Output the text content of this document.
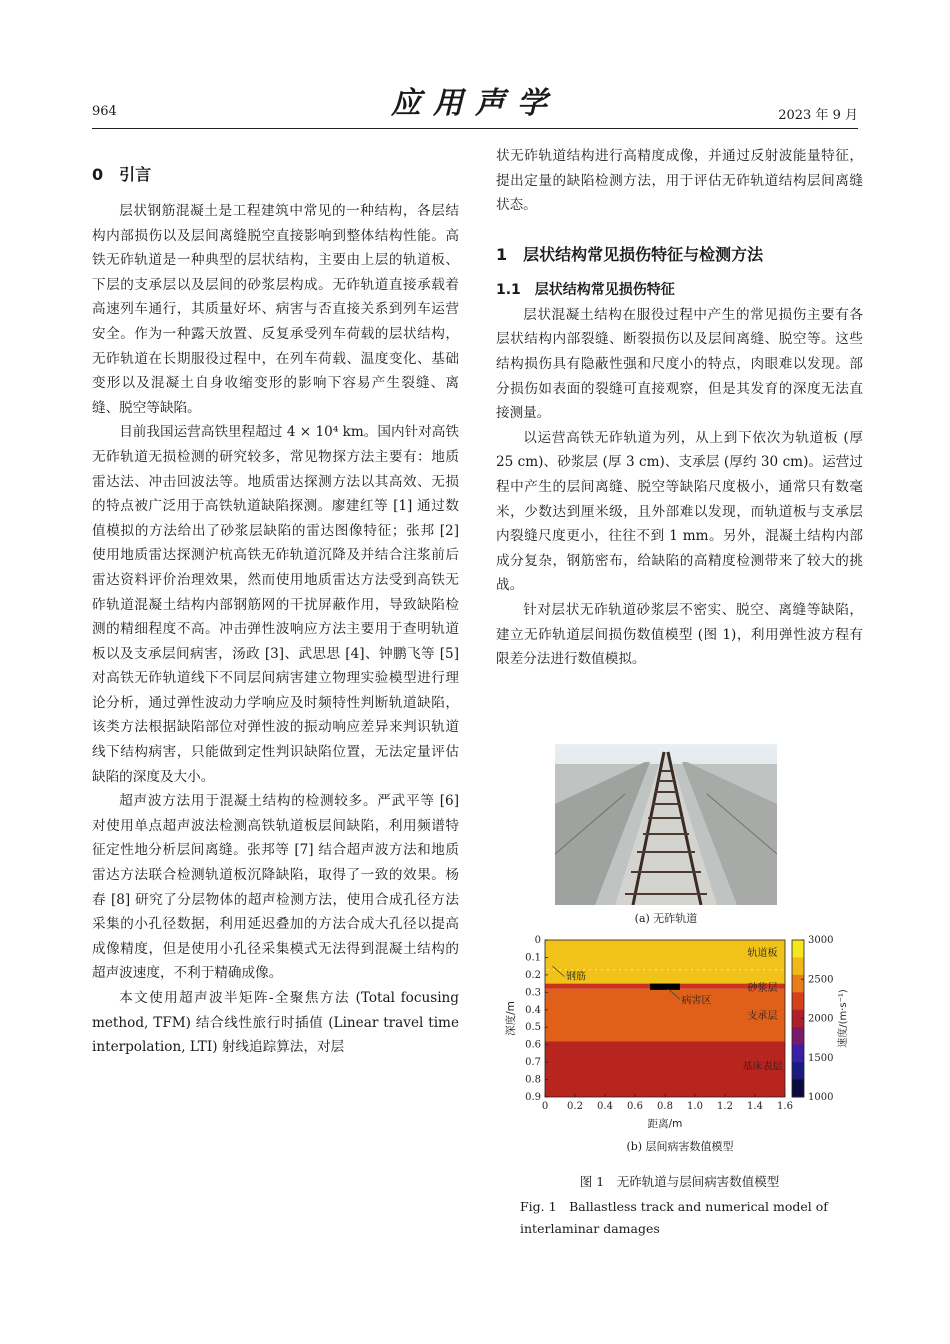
964	应用声学	2023 年 9 月
0　引言

层状钢筋混凝土是工程建筑中常见的一种结构，各层结构内部损伤以及层间离缝脱空直接影响到整体结构性能。高铁无砟轨道是一种典型的层状结构，主要由上层的轨道板、下层的支承层以及层间的砂浆层构成。无砟轨道直接承载着高速列车通行，其质量好坏、病害与否直接关系到列车运营安全。作为一种露天放置、反复承受列车荷载的层状结构，无砟轨道在长期服役过程中，在列车荷载、温度变化、基础变形以及混凝土自身收缩变形的影响下容易产生裂缝、离缝、脱空等缺陷。

目前我国运营高铁里程超过 4 × 10⁴ km。国内针对高铁无砟轨道无损检测的研究较多，常见物探方法主要有：地质雷达法、冲击回波法等。地质雷达探测方法以其高效、无损的特点被广泛用于高铁轨道缺陷探测。廖建红等 [1] 通过数值模拟的方法给出了砂浆层缺陷的雷达图像特征；张邦 [2] 使用地质雷达探测沪杭高铁无砟轨道沉降及并结合注浆前后雷达资料评价治理效果，然而使用地质雷达方法受到高铁无砟轨道混凝土结构内部钢筋网的干扰屏蔽作用，导致缺陷检测的精细程度不高。冲击弹性波响应方法主要用于查明轨道板以及支承层间病害，汤政 [3]、武思思 [4]、钟鹏飞等 [5] 对高铁无砟轨道线下不同层间病害建立物理实验模型进行理论分析，通过弹性波动力学响应及时频特性判断轨道缺陷，该类方法根据缺陷部位对弹性波的振动响应差异来判识轨道线下结构病害，只能做到定性判识缺陷位置，无法定量评估缺陷的深度及大小。

超声波方法用于混凝土结构的检测较多。严武平等 [6] 对使用单点超声波法检测高铁轨道板层间缺陷，利用频谱特征定性地分析层间离缝。张邦等 [7] 结合超声波方法和地质雷达方法联合检测轨道板沉降缺陷，取得了一致的效果。杨春 [8] 研究了分层物体的超声检测方法，使用合成孔径方法采集的小孔径数据，利用延迟叠加的方法合成大孔径以提高成像精度，但是使用小孔径采集模式无法得到混凝土结构的超声波速度，不利于精确成像。

本文使用超声波半矩阵-全聚焦方法 (Total focusing method, TFM) 结合线性旅行时插值 (Linear travel time interpolation, LTI) 射线追踪算法，对层

状无砟轨道结构进行高精度成像，并通过反射波能量特征，提出定量的缺陷检测方法，用于评估无砟轨道结构层间离缝状态。

1　层状结构常见损伤特征与检测方法
1.1　层状结构常见损伤特征

层状混凝土结构在服役过程中产生的常见损伤主要有各层状结构内部裂缝、断裂损伤以及层间离缝、脱空等。这些结构损伤具有隐蔽性强和尺度小的特点，肉眼难以发现。部分损伤如表面的裂缝可直接观察，但是其发育的深度无法直接测量。

以运营高铁无砟轨道为列，从上到下依次为轨道板 (厚 25 cm)、砂浆层 (厚 3 cm)、支承层 (厚约 30 cm)。运营过程中产生的层间离缝、脱空等缺陷尺度极小，通常只有数毫米，少数达到厘米级，且外部难以发现，而轨道板与支承层内裂缝尺度更小，往往不到 1 mm。另外，混凝土结构内部成分复杂，钢筋密布，给缺陷的高精度检测带来了较大的挑战。

针对层状无砟轨道砂浆层不密实、脱空、离缝等缺陷，建立无砟轨道层间损伤数值模型 (图 1)，利用弹性波方程有限差分法进行数值模拟。

(a) 无砟轨道
轨道板
砂浆层
支承层
基床表层
钢筋
病害区
0 0.2 0.4 0.6 0.8 1.0 1.2 1.4 1.6
0
0.1
0.2
0.3
0.4
0.5
0.6
0.7
0.8
0.9
距离/m
深度/m
3000
2500
2000
1500
1000
速度/(m·s⁻¹)
(b) 层间病害数值模型
图 1　无砟轨道与层间病害数值模型
Fig. 1　Ballastless track and numerical model of interlaminar damages
